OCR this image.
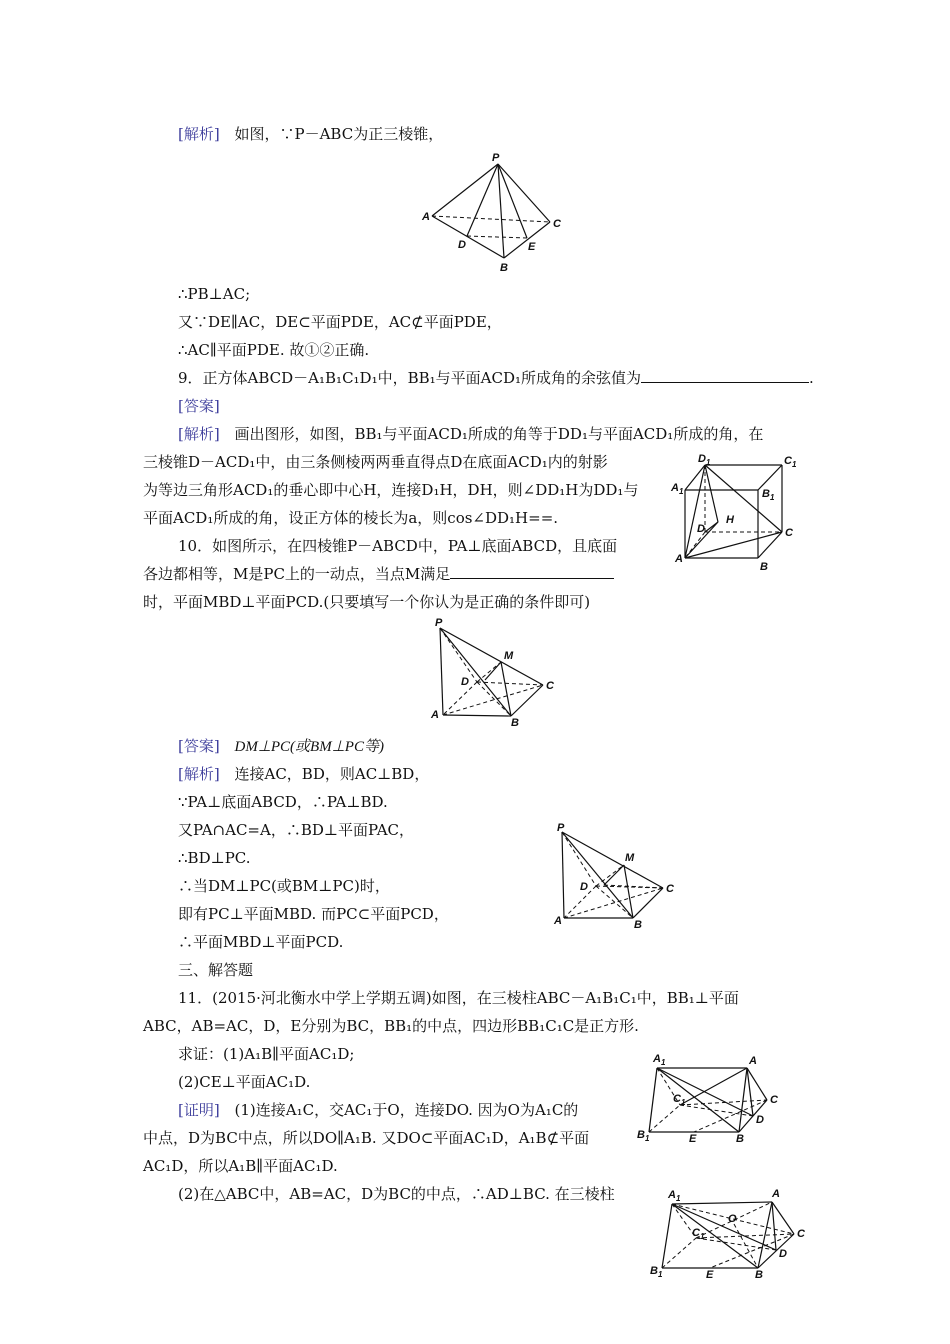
[解析] 如图，∵P－ABC为正三棱锥，
P
A
C
D	E
B
∴PB⊥AC;
又∵DE∥AC，DE⊂平面PDE，AC⊄平面PDE，
∴AC∥平面PDE. 故①②正确.
9．正方体ABCD－A₁B₁C₁D₁中，BB₁与平面ACD₁所成角的余弦值为	.
[答案]
[解析] 画出图形，如图，BB₁与平面ACD₁所成的角等于DD₁与平面ACD₁所成的角，在
三棱锥D－ACD₁中，由三条侧棱两两垂直得点D在底面ACD₁内的射影
为等边三角形ACD₁的垂心即中心H，连接D₁H，DH，则∠DD₁H为DD₁与
平面ACD₁所成的角，设正方体的棱长为a，则cos∠DD₁H==.
$D_1$	$C_1$
$A_1$	$B_1$
D
H
C
A
B
10．如图所示，在四棱锥P－ABCD中，PA⊥底面ABCD，且底面
各边都相等，M是PC上的一动点，当点M满足
时，平面MBD⊥平面PCD.(只要填写一个你认为是正确的条件即可)
P
M
D	C
A
B
[答案] DM⊥PC(或BM⊥PC等)
[解析] 连接AC，BD，则AC⊥BD，
∵PA⊥底面ABCD，∴PA⊥BD.
又PA∩AC=A，∴BD⊥平面PAC，
∴BD⊥PC.
∴当DM⊥PC(或BM⊥PC)时，
即有PC⊥平面MBD. 而PC⊂平面PCD，
∴平面MBD⊥平面PCD.
P
M
D	C
A	B
三、解答题
11．(2015·河北衡水中学上学期五调)如图，在三棱柱ABC－A₁B₁C₁中，BB₁⊥平面
ABC，AB=AC，D，E分别为BC，BB₁的中点，四边形BB₁C₁C是正方形.
求证：(1)A₁B∥平面AC₁D;
(2)CE⊥平面AC₁D.
[证明] (1)连接A₁C，交AC₁于O，连接DO. 因为O为A₁C的
中点，D为BC中点，所以DO∥A₁B. 又DO⊂平面AC₁D，A₁B⊄平面
AC₁D，所以A₁B∥平面AC₁D.
(2)在△ABC中，AB=AC，D为BC的中点，∴AD⊥BC. 在三棱柱
$A_1$	A
$C_1$	C
D
$B_1$	E	B
$A_1$	A
O
$C_1$	C
D
$B_1$	E	B
